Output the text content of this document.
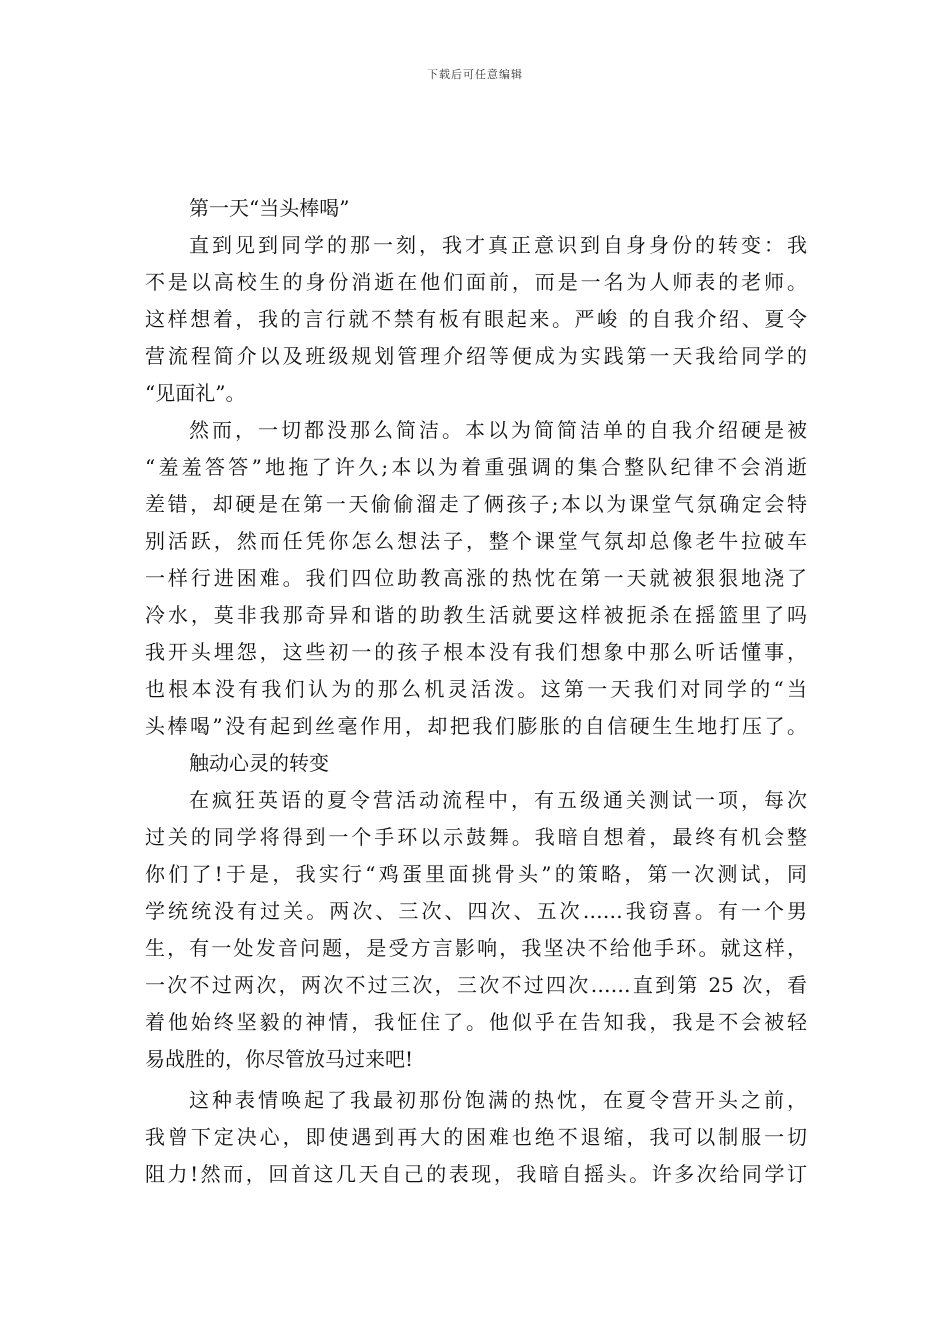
下载后可任意编辑
第一天“当头棒喝”
直到见到同学的那一刻，我才真正意识到自身身份的转变：我
不是以高校生的身份消逝在他们面前，而是一名为人师表的老师。
这样想着，我的言行就不禁有板有眼起来。严峻 的自我介绍、夏令
营流程简介以及班级规划管理介绍等便成为实践第一天我给同学的
“见面礼”。
然而，一切都没那么简洁。本以为简简洁单的自我介绍硬是被
“羞羞答答”地拖了许久;本以为着重强调的集合整队纪律不会消逝
差错，却硬是在第一天偷偷溜走了俩孩子;本以为课堂气氛确定会特
别活跃，然而任凭你怎么想法子，整个课堂气氛却总像老牛拉破车
一样行进困难。我们四位助教高涨的热忱在第一天就被狠狠地浇了
冷水，莫非我那奇异和谐的助教生活就要这样被扼杀在摇篮里了吗
我开头埋怨，这些初一的孩子根本没有我们想象中那么听话懂事，
也根本没有我们认为的那么机灵活泼。这第一天我们对同学的“当
头棒喝”没有起到丝毫作用，却把我们膨胀的自信硬生生地打压了。
触动心灵的转变
在疯狂英语的夏令营活动流程中，有五级通关测试一项，每次
过关的同学将得到一个手环以示鼓舞。我暗自想着，最终有机会整
你们了!于是，我实行“鸡蛋里面挑骨头”的策略，第一次测试，同
学统统没有过关。两次、三次、四次、五次……我窃喜。有一个男
生，有一处发音问题，是受方言影响，我坚决不给他手环。就这样，
一次不过两次，两次不过三次，三次不过四次……直到第 25 次，看
着他始终坚毅的神情，我怔住了。他似乎在告知我，我是不会被轻
易战胜的，你尽管放马过来吧!
这种表情唤起了我最初那份饱满的热忱，在夏令营开头之前，
我曾下定决心，即使遇到再大的困难也绝不退缩，我可以制服一切
阻力!然而，回首这几天自己的表现，我暗自摇头。许多次给同学订
